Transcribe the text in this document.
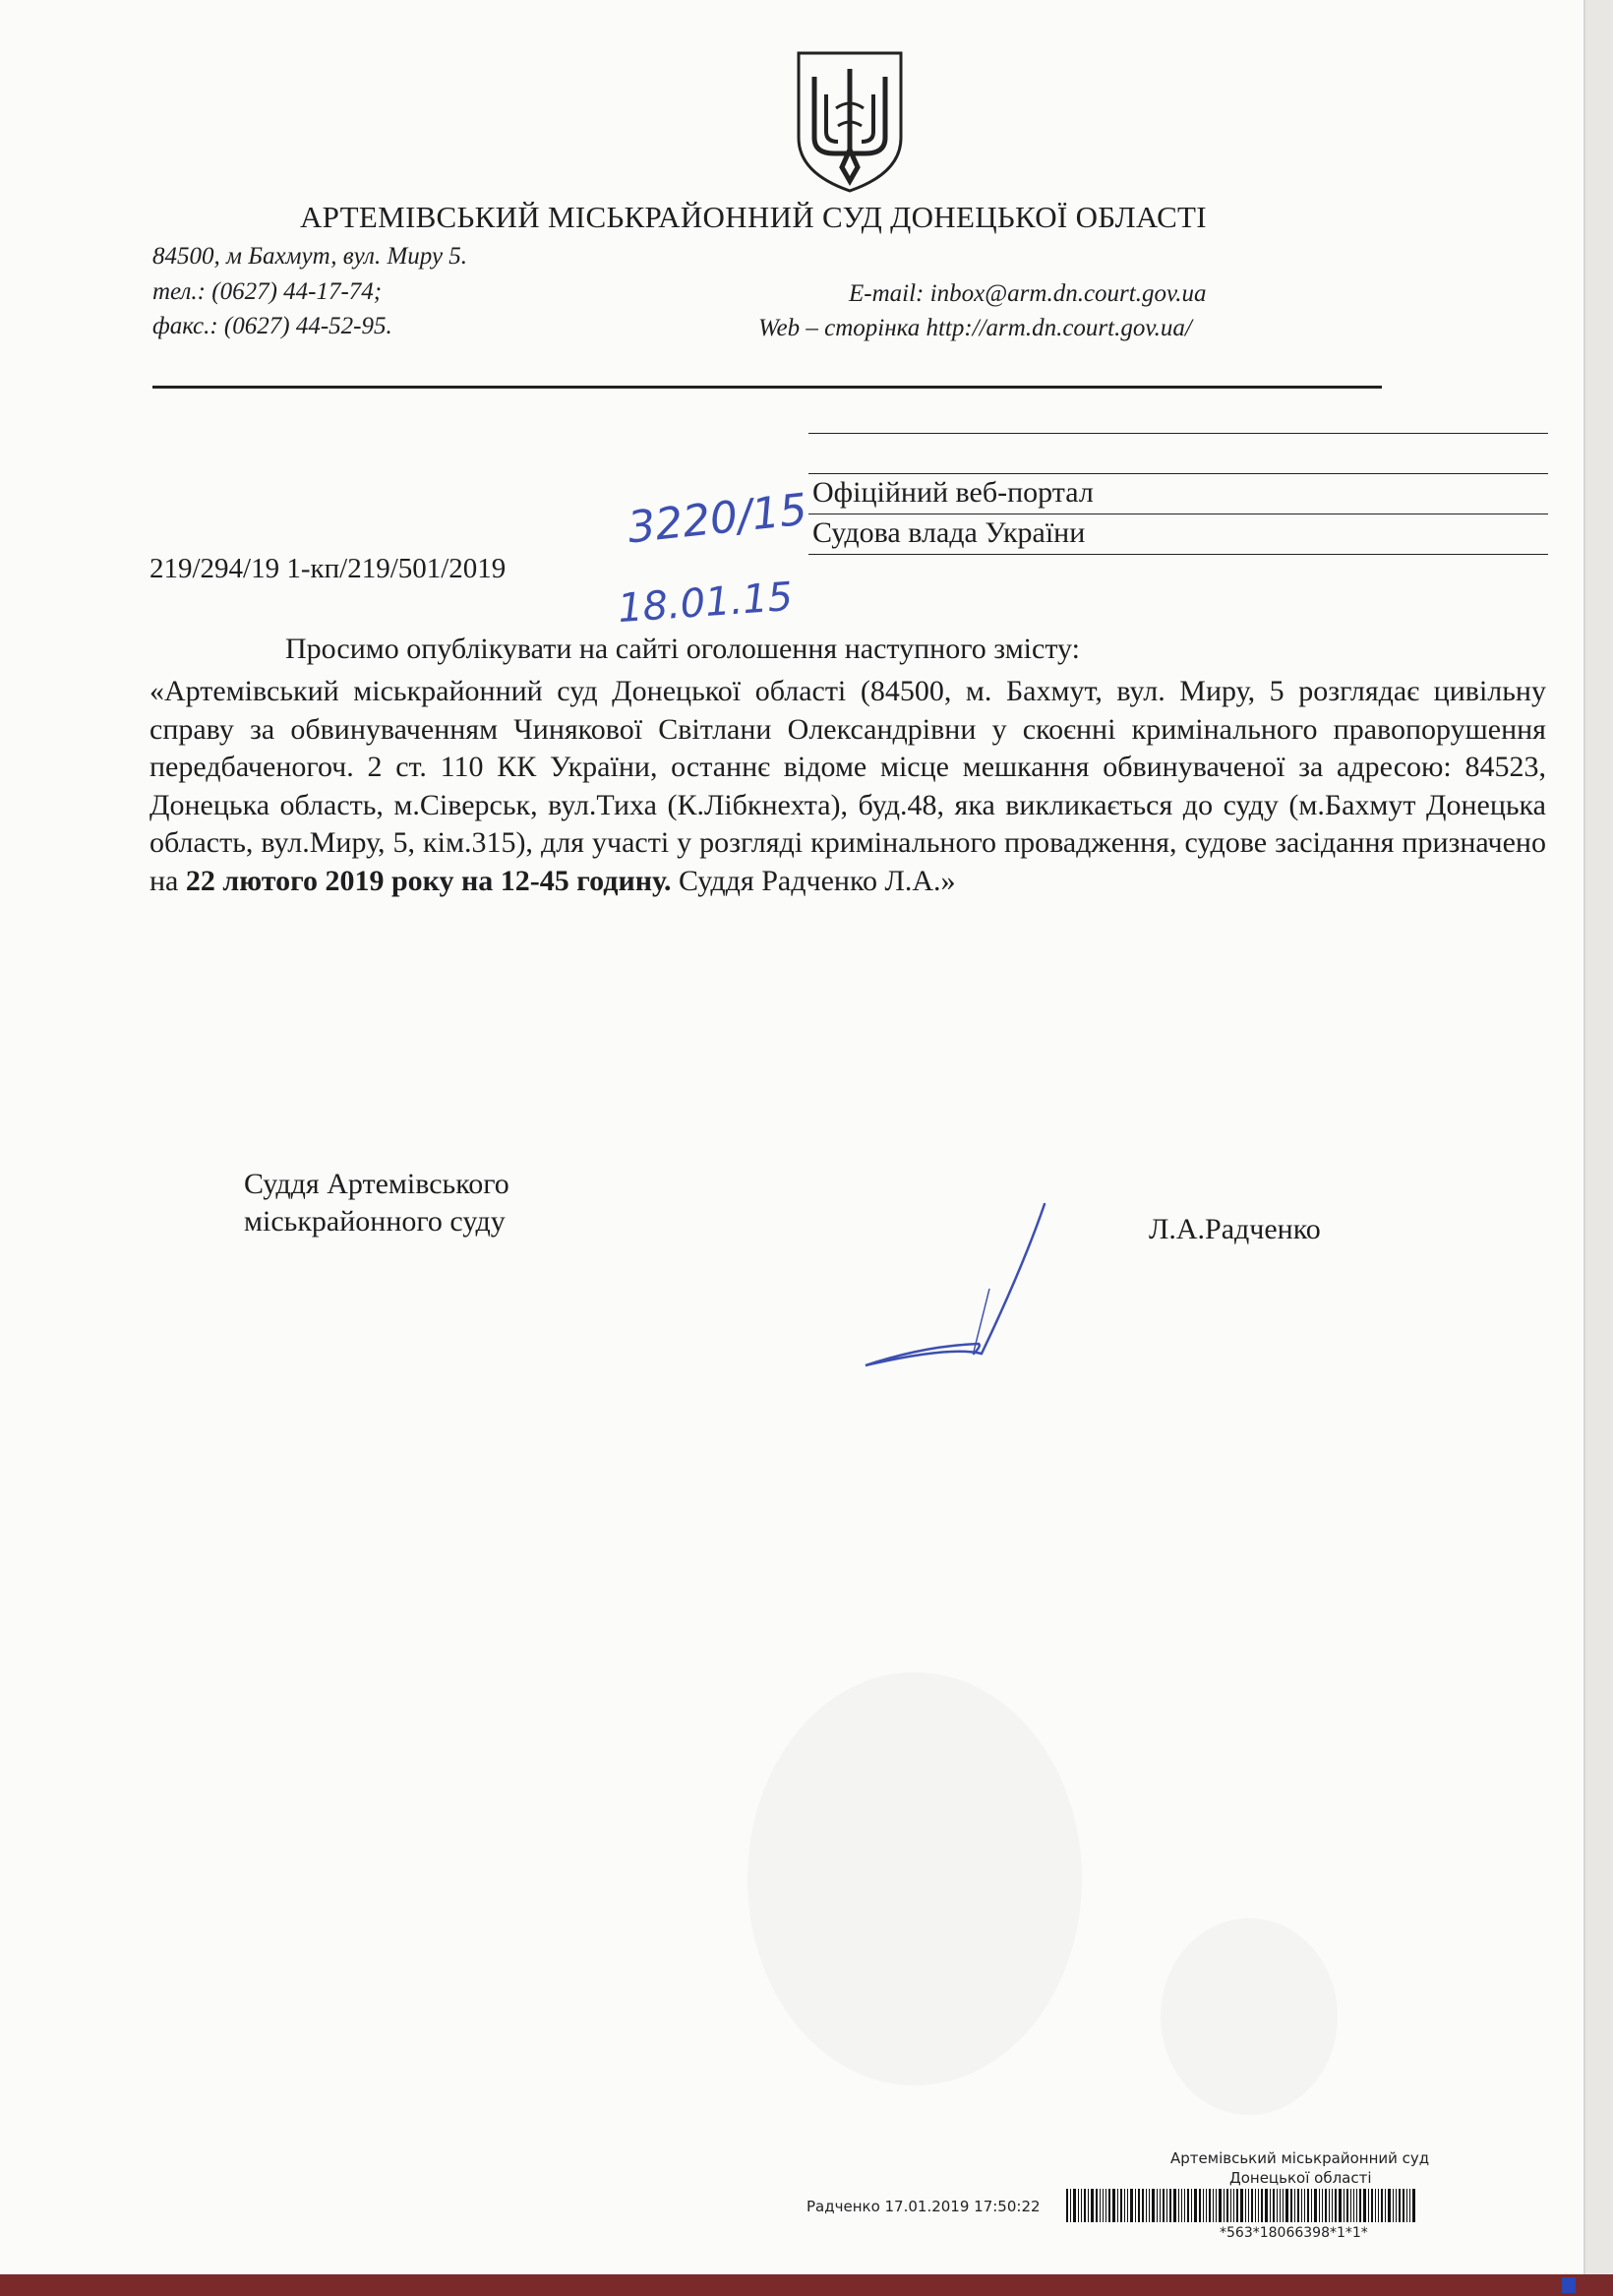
АРТЕМІВСЬКИЙ МІСЬКРАЙОННИЙ СУД ДОНЕЦЬКОЇ ОБЛАСТІ
84500, м Бахмут, вул. Миру 5.
тел.: (0627) 44-17-74;
факс.: (0627) 44-52-95.
E-mail: inbox@arm.dn.court.gov.ua
Web – сторінка http://arm.dn.court.gov.ua/
Офіційний веб-портал
Судова влада України
3220/15
18.01.15
219/294/19 1-кп/219/501/2019
Просимо опублікувати на сайті оголошення наступного змісту:

«Артемівський міськрайонний суд Донецької області (84500, м. Бахмут, вул. Миру, 5 розглядає цивільну справу за обвинуваченням Чинякової Світлани Олександрівни у скоєнні кримінального правопорушення передбаченогоч. 2 ст. 110 КК України, останнє відоме місце мешкання обвинуваченої за адресою: 84523, Донецька область, м.Сіверськ, вул.Тиха (К.Лібкнехта), буд.48, яка викликається до суду (м.Бахмут Донецька область, вул.Миру, 5, кім.315), для участі у розгляді кримінального провадження, судове засідання призначено на 22 лютого 2019 року на 12-45 годину. Суддя Радченко Л.А.»

Суддя Артемівського
міськрайонного суду	Л.А.Радченко
Артемівський міськрайонний суд
Донецької області
Радченко 17.01.2019 17:50:22
*563*18066398*1*1*
